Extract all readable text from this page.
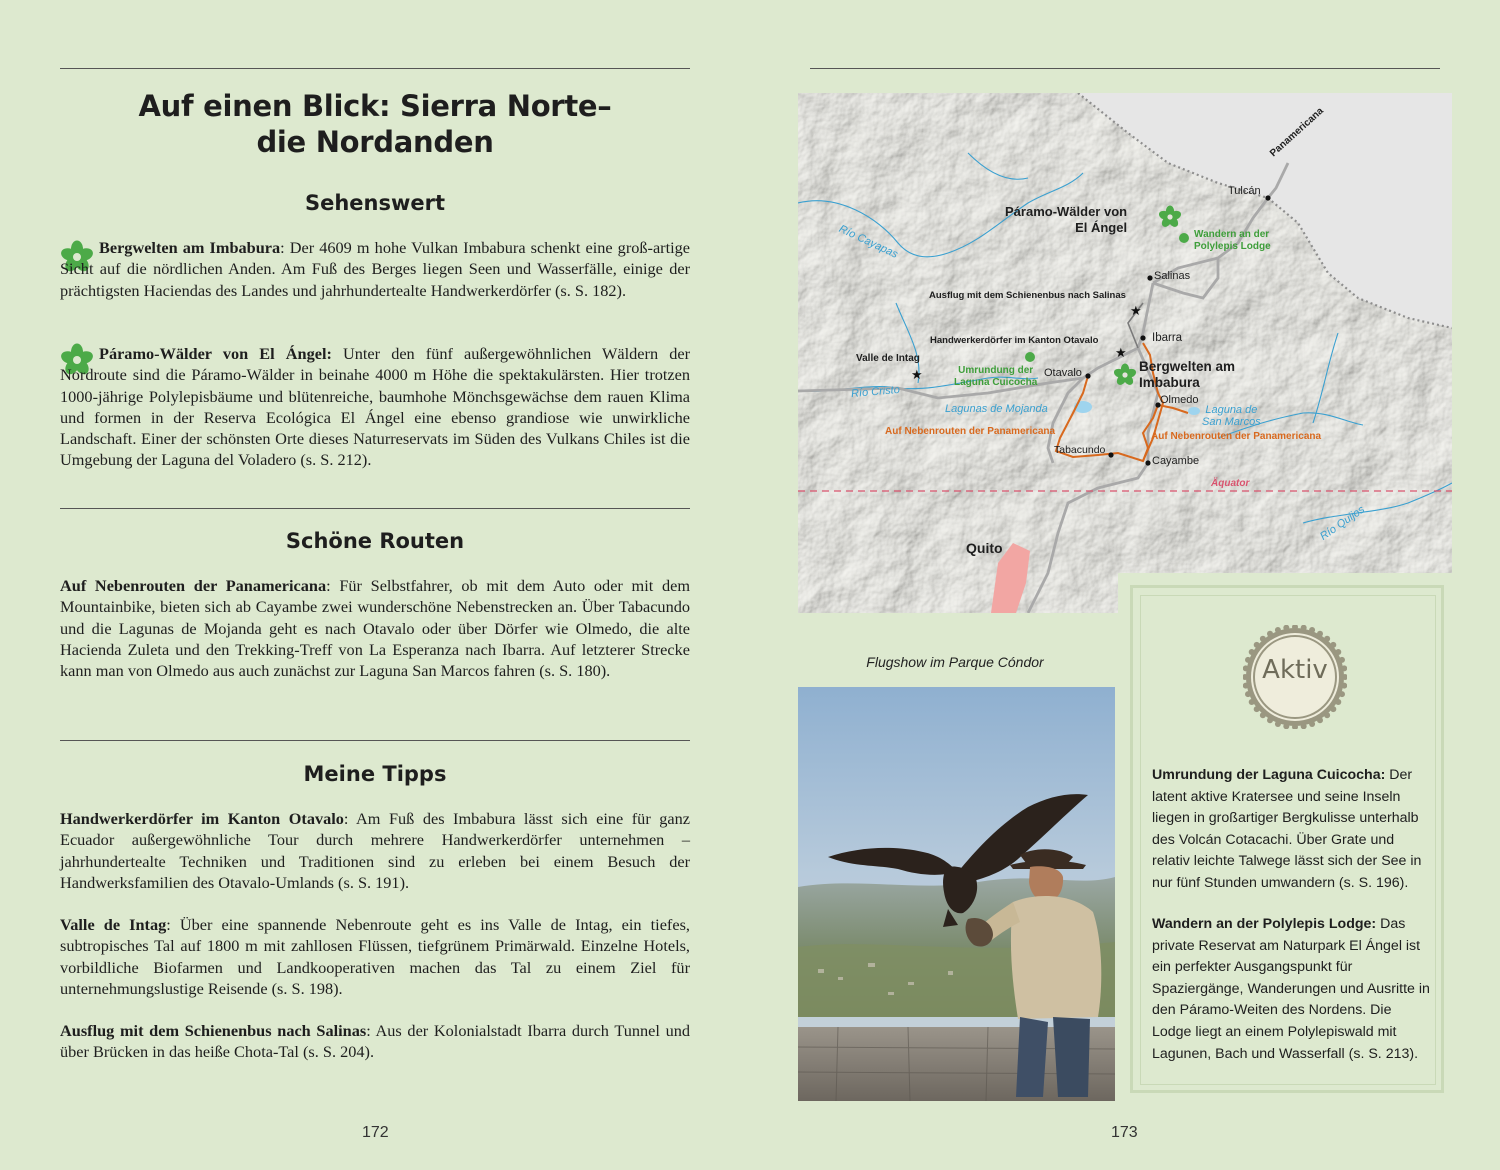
Auf einen Blick: Sierra Norte–
die Nordanden
Sehenswert
Bergwelten am Imbabura: Der 4609 m hohe Vulkan Imbabura schenkt eine groß-artige Sicht auf die nördlichen Anden. Am Fuß des Berges liegen Seen und Wasserfälle, einige der prächtigsten Haciendas des Landes und jahrhundertealte Handwerkerdörfer (s. S. 182).
Páramo-Wälder von El Ángel: Unter den fünf außergewöhnlichen Wäldern der Nordroute sind die Páramo-Wälder in beinahe 4000 m Höhe die spektakulärsten. Hier trotzen 1000-jährige Polylepisbäume und blütenreiche, baumhohe Mönchsgewächse dem rauen Klima und formen in der Reserva Ecológica El Ángel eine ebenso grandiose wie unwirkliche Landschaft. Einer der schönsten Orte dieses Naturreservats im Süden des Vulkans Chiles ist die Umgebung der Laguna del Voladero (s. S. 212).
Schöne Routen
Auf Nebenrouten der Panamericana: Für Selbstfahrer, ob mit dem Auto oder mit dem Mountainbike, bieten sich ab Cayambe zwei wunderschöne Nebenstrecken an. Über Tabacundo und die Lagunas de Mojanda geht es nach Otavalo oder über Dörfer wie Olmedo, die alte Hacienda Zuleta und den Trekking-Treff von La Esperanza nach Ibarra. Auf letzterer Strecke kann man von Olmedo aus auch zunächst zur Laguna San Marcos fahren (s. S. 180).
Meine Tipps
Handwerkerdörfer im Kanton Otavalo: Am Fuß des Imbabura lässt sich eine für ganz Ecuador außergewöhnliche Tour durch mehrere Handwerkerdörfer unternehmen – jahrhundertealte Techniken und Traditionen sind zu erleben bei einem Besuch der Handwerksfamilien des Otavalo-Umlands (s. S. 191).
Valle de Intag: Über eine spannende Nebenroute geht es ins Valle de Intag, ein tiefes, subtropisches Tal auf 1800 m mit zahllosen Flüssen, tiefgrünem Primärwald. Einzelne Hotels, vorbildliche Biofarmen und Landkooperativen machen das Tal zu einem Ziel für unternehmungslustige Reisende (s. S. 198).
Ausflug mit dem Schienenbus nach Salinas: Aus der Kolonialstadt Ibarra durch Tunnel und über Brücken in das heiße Chota-Tal (s. S. 204).
172
★
★
★
Panamericana
Tulcán
Río Cayapas
Páramo-Wälder von

El Ángel	Wandern an der
Polylepis Lodge
Salinas
Ausflug mit dem Schienenbus nach Salinas
Handwerkerdörfer im Kanton Otavalo	Ibarra
Valle de Intag
Umrundung der
Laguna Cuicocha
Otavalo	Bergwelten am
Imbabura
Río Cristo
Lagunas de Mojanda
Olmedo
Laguna de
San Marcos
Auf Nebenrouten der Panamericana	Auf Nebenrouten der Panamericana
Tabacundo
Cayambe
Äquator
Río Quijos
Quito
Flugshow im Parque Cóndor	Aktiv
Umrundung der Laguna Cuicocha: Der latent aktive Kratersee und seine Inseln liegen in großartiger Bergkulisse unterhalb des Volcán Cotacachi. Über Grate und relativ leichte Talwege lässt sich der See in nur fünf Stunden umwandern (s. S. 196).
Wandern an der Polylepis Lodge: Das private Reservat am Naturpark El Ángel ist ein perfekter Ausgangspunkt für Spaziergänge, Wanderungen und Ausritte in den Páramo-Weiten des Nordens. Die Lodge liegt an einem Polylepiswald mit Lagunen, Bach und Wasserfall (s. S. 213).
173
